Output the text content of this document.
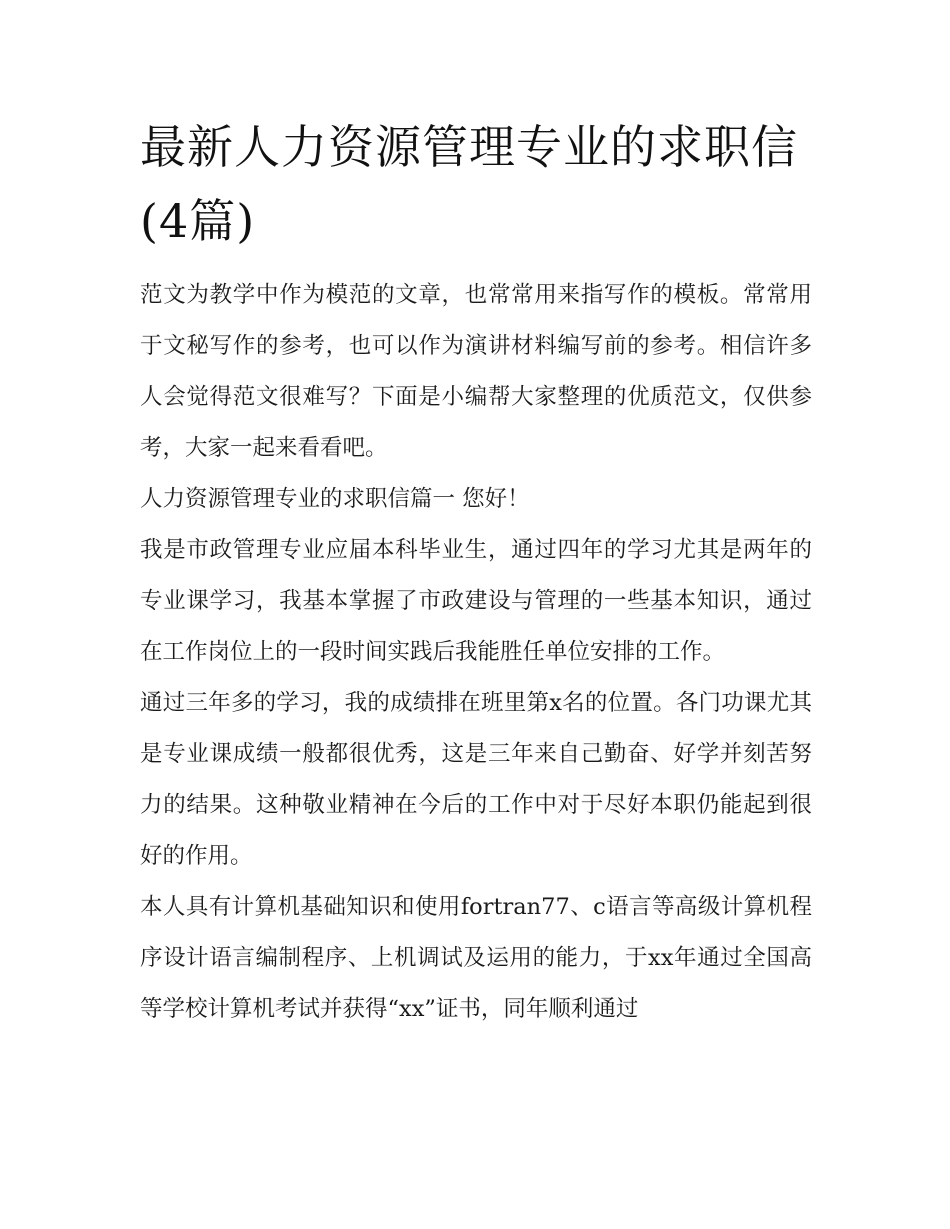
最新人力资源管理专业的求职信(4篇)

范文为教学中作为模范的文章，也常常用来指写作的模板。常常用于文秘写作的参考，也可以作为演讲材料编写前的参考。相信许多人会觉得范文很难写？下面是小编帮大家整理的优质范文，仅供参考，大家一起来看看吧。

人力资源管理专业的求职信篇一 您好！

我是市政管理专业应届本科毕业生，通过四年的学习尤其是两年的专业课学习，我基本掌握了市政建设与管理的一些基本知识，通过在工作岗位上的一段时间实践后我能胜任单位安排的工作。

通过三年多的学习，我的成绩排在班里第x名的位置。各门功课尤其是专业课成绩一般都很优秀，这是三年来自己勤奋、好学并刻苦努力的结果。这种敬业精神在今后的工作中对于尽好本职仍能起到很好的作用。

本人具有计算机基础知识和使用fortran77、c语言等高级计算机程序设计语言编制程序、上机调试及运用的能力，于xx年通过全国高等学校计算机考试并获得“xx”证书，同年顺利通过
